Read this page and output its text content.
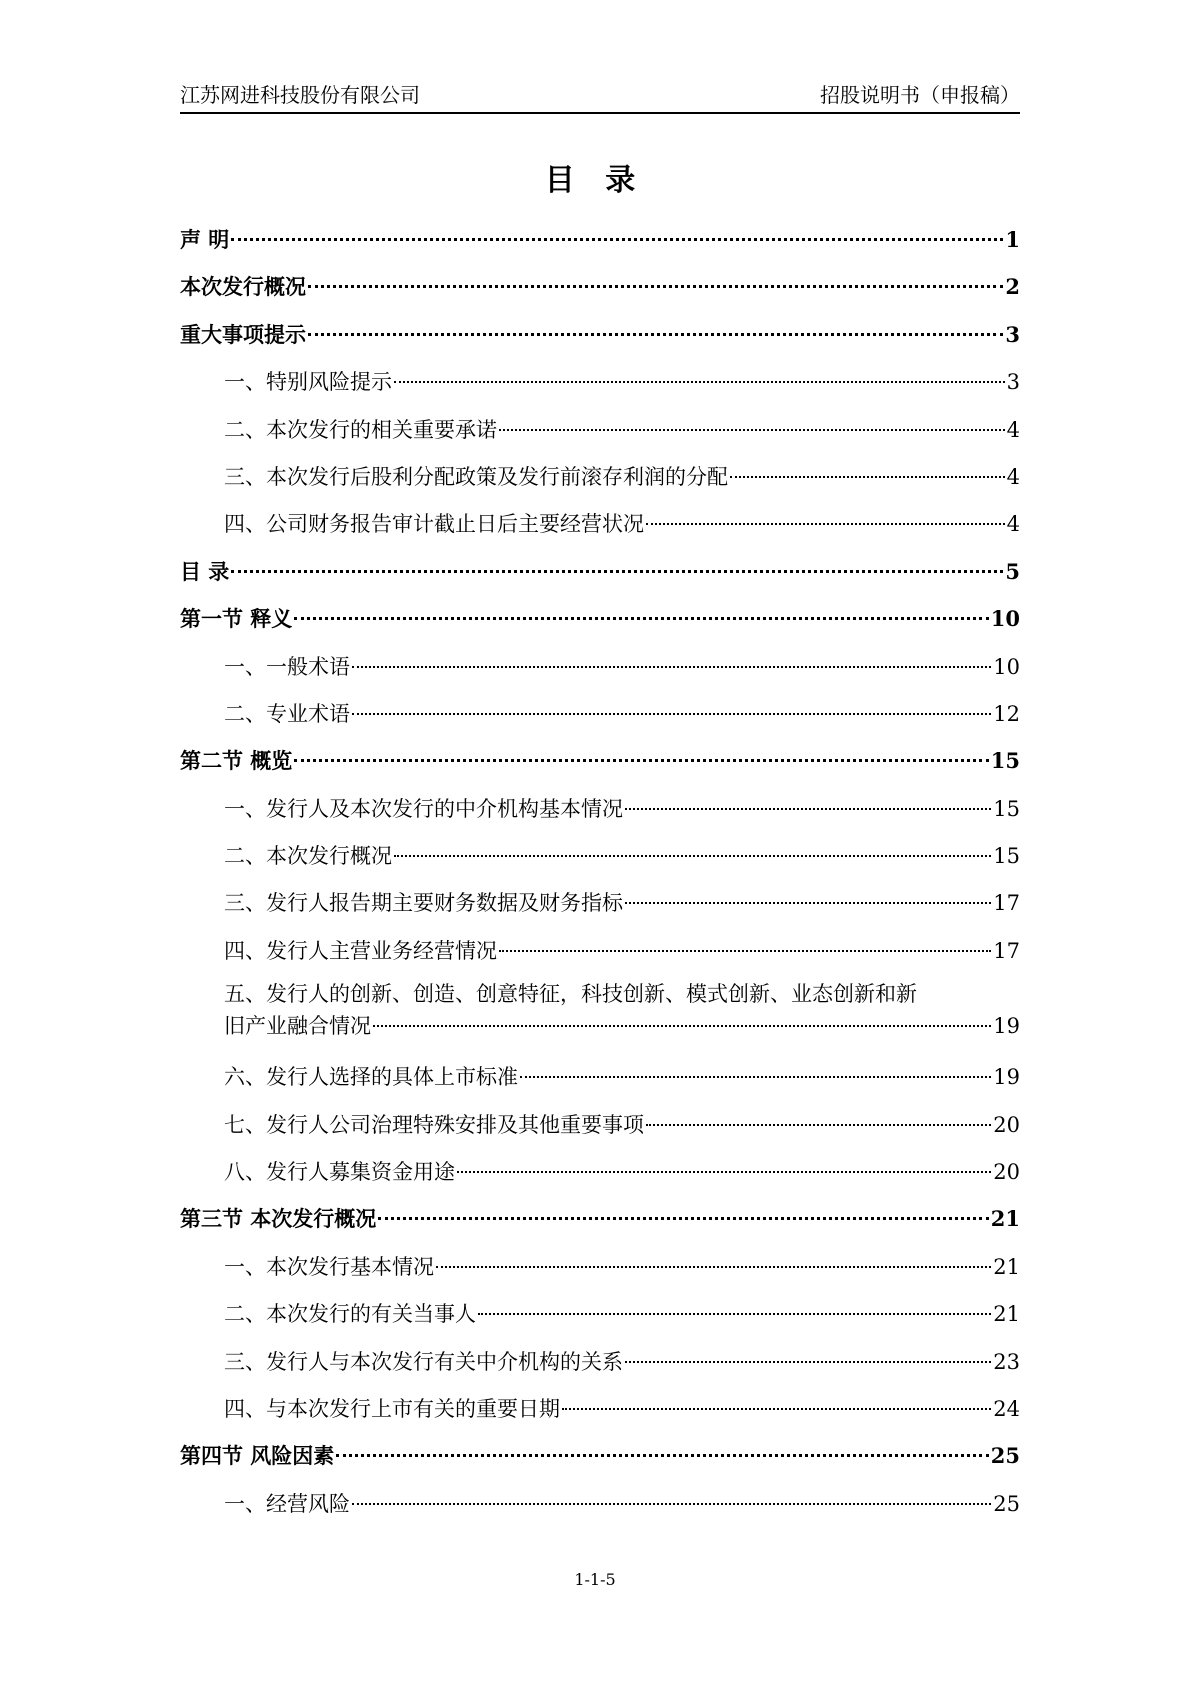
江苏网进科技股份有限公司	招股说明书（申报稿）
目 录
声 明	1
本次发行概况	2
重大事项提示	3
一、特别风险提示	3
二、本次发行的相关重要承诺	4
三、本次发行后股利分配政策及发行前滚存利润的分配	4
四、公司财务报告审计截止日后主要经营状况	4
目 录	5
第一节 释义	10
一、一般术语	10
二、专业术语	12
第二节 概览	15
一、发行人及本次发行的中介机构基本情况	15
二、本次发行概况	15
三、发行人报告期主要财务数据及财务指标	17
四、发行人主营业务经营情况	17
五、发行人的创新、创造、创意特征，科技创新、模式创新、业态创新和新
旧产业融合情况	19
六、发行人选择的具体上市标准	19
七、发行人公司治理特殊安排及其他重要事项	20
八、发行人募集资金用途	20
第三节 本次发行概况	21
一、本次发行基本情况	21
二、本次发行的有关当事人	21
三、发行人与本次发行有关中介机构的关系	23
四、与本次发行上市有关的重要日期	24
第四节 风险因素	25
一、经营风险	25
1-1-5
